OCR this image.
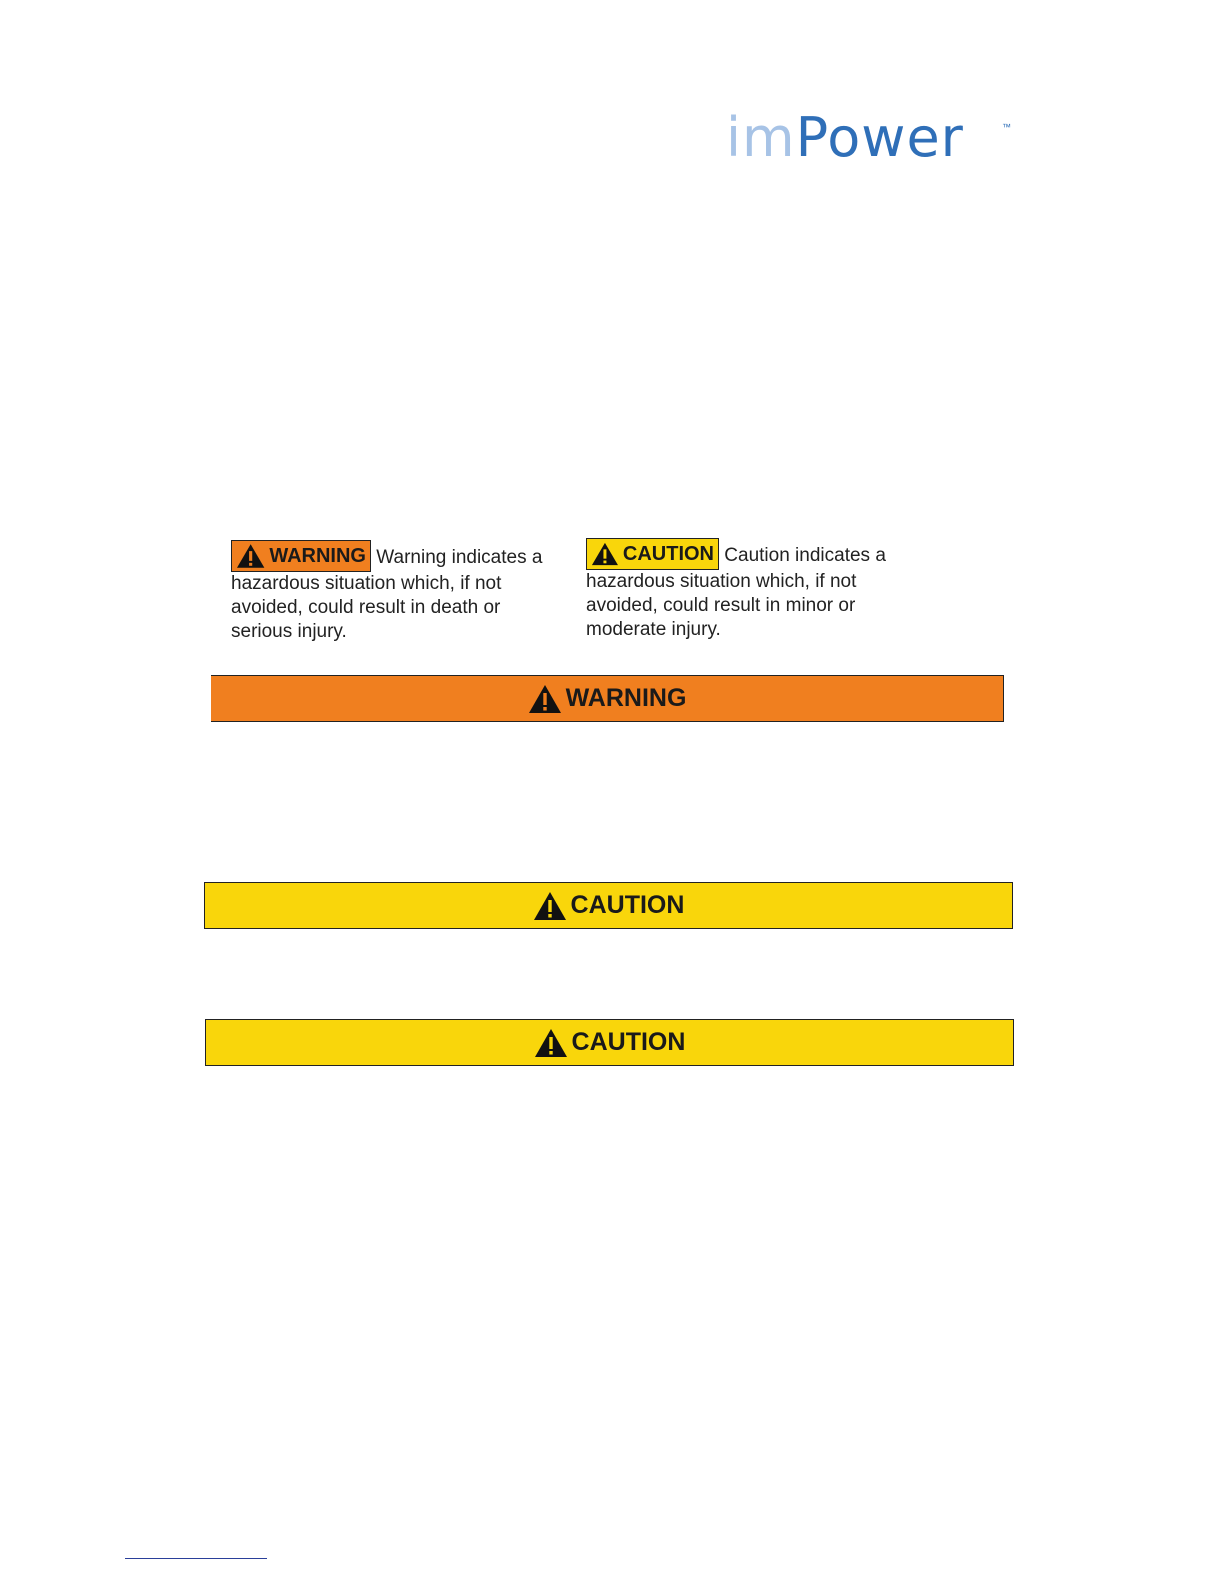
imPower	™
WARNING Warning indicates a hazardous situation which, if not avoided, could result in death or serious injury.
CAUTION Caution indicates a hazardous situation which, if not avoided, could result in minor or moderate injury.
WARNING
CAUTION
CAUTION
